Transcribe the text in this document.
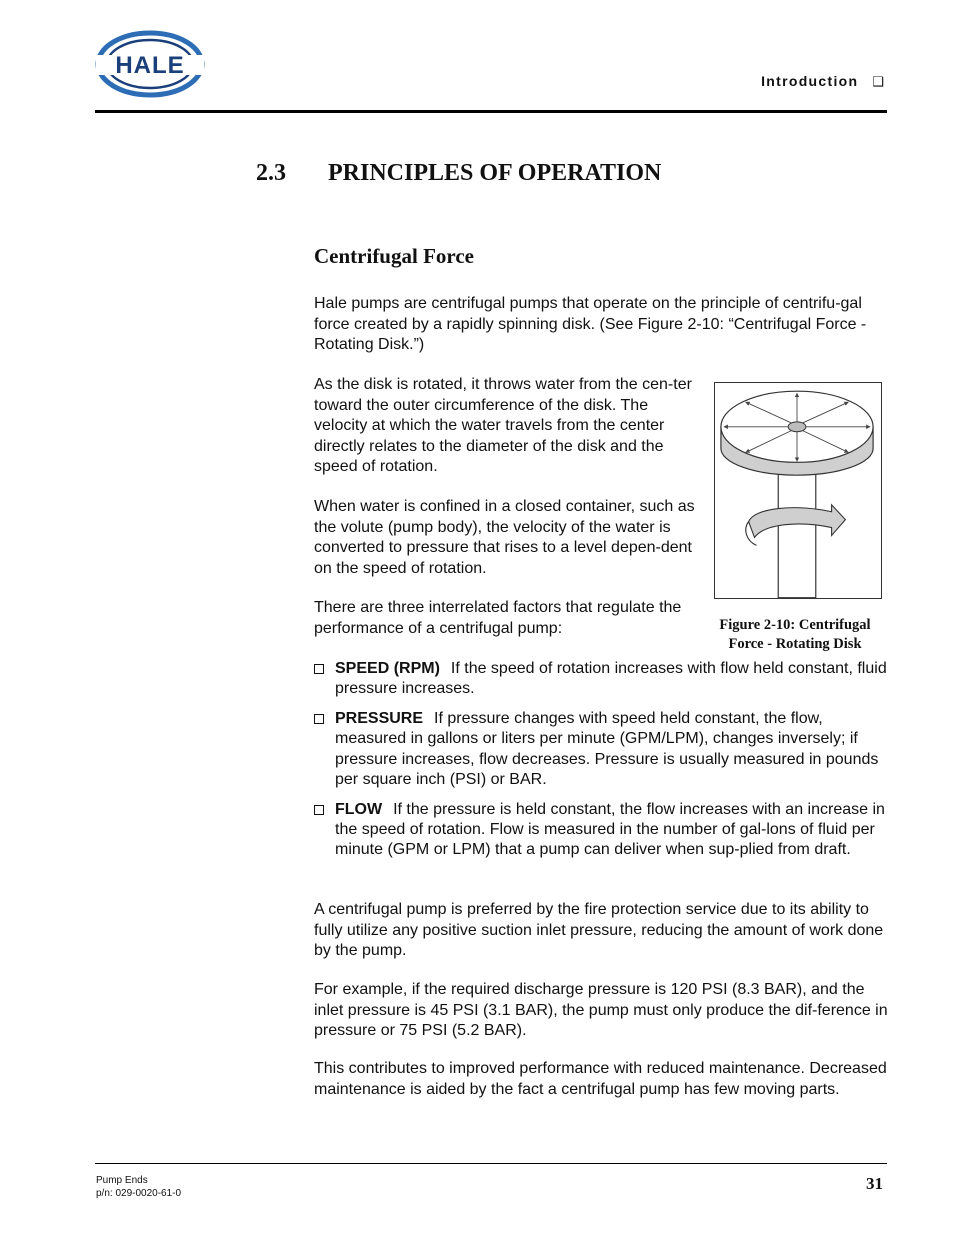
HALE
Introduction ❑
2.3 PRINCIPLES OF OPERATION
Centrifugal Force

Hale pumps are centrifugal pumps that operate on the principle of centrifu-gal force created by a rapidly spinning disk. (See Figure 2-10: “Centrifugal Force - Rotating Disk.”)

As the disk is rotated, it throws water from the cen-ter toward the outer circumference of the disk. The velocity at which the water travels from the center directly relates to the diameter of the disk and the speed of rotation.

When water is confined in a closed container, such as the volute (pump body), the velocity of the water is converted to pressure that rises to a level depen-dent on the speed of rotation.

There are three interrelated factors that regulate the performance of a centrifugal pump:	Figure 2-10: Centrifugal
Force - Rotating Disk
SPEED (RPM) If the speed of rotation increases with flow held constant, fluid pressure increases.
PRESSURE If pressure changes with speed held constant, the flow, measured in gallons or liters per minute (GPM/LPM), changes inversely; if pressure increases, flow decreases. Pressure is usually measured in pounds per square inch (PSI) or BAR.
FLOW If the pressure is held constant, the flow increases with an increase in the speed of rotation. Flow is measured in the number of gal-lons of fluid per minute (GPM or LPM) that a pump can deliver when sup-plied from draft.

A centrifugal pump is preferred by the fire protection service due to its ability to fully utilize any positive suction inlet pressure, reducing the amount of work done by the pump.

For example, if the required discharge pressure is 120 PSI (8.3 BAR), and the inlet pressure is 45 PSI (3.1 BAR), the pump must only produce the dif-ference in pressure or 75 PSI (5.2 BAR).

This contributes to improved performance with reduced maintenance. Decreased maintenance is aided by the fact a centrifugal pump has few moving parts.

Pump Ends
p/n: 029-0020-61-0
31
